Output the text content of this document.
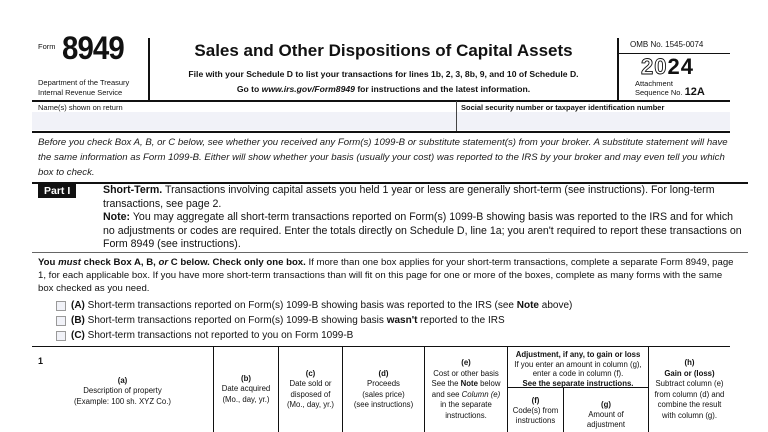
Form 8949
Department of the Treasury
Internal Revenue Service
Sales and Other Dispositions of Capital Assets
File with your Schedule D to list your transactions for lines 1b, 2, 3, 8b, 9, and 10 of Schedule D.
Go to www.irs.gov/Form8949 for instructions and the latest information.
OMB No. 1545-0074
2024
Attachment
Sequence No. 12A
Name(s) shown on return	Social security number or taxpayer identification number
Before you check Box A, B, or C below, see whether you received any Form(s) 1099-B or substitute statement(s) from your broker. A substitute statement will have the same information as Form 1099-B. Either will show whether your basis (usually your cost) was reported to the IRS by your broker and may even tell you which box to check.
Part I	Short-Term. Transactions involving capital assets you held 1 year or less are generally short-term (see instructions). For long-term transactions, see page 2.
Note: You may aggregate all short-term transactions reported on Form(s) 1099-B showing basis was reported to the IRS and for which no adjustments or codes are required. Enter the totals directly on Schedule D, line 1a; you aren't required to report these transactions on Form 8949 (see instructions).
You must check Box A, B, or C below. Check only one box. If more than one box applies for your short-term transactions, complete a separate Form 8949, page 1, for each applicable box. If you have more short-term transactions than will fit on this page for one or more of the boxes, complete as many forms with the same box checked as you need.
(A) Short-term transactions reported on Form(s) 1099-B showing basis was reported to the IRS (see Note above)
(B) Short-term transactions reported on Form(s) 1099-B showing basis wasn't reported to the IRS
(C) Short-term transactions not reported to you on Form 1099-B
1
(a)
Description of property
(Example: 100 sh. XYZ Co.)
(b)
Date acquired
(Mo., day, yr.)
(c)
Date sold or
disposed of
(Mo., day, yr.)
(d)
Proceeds
(sales price)
(see instructions)
(e)
Cost or other basis
See the Note below
and see Column (e)
in the separate
instructions.
Adjustment, if any, to gain or loss
If you enter an amount in column (g),
enter a code in column (f).
See the separate instructions.
(f)
Code(s) from
instructions
(g)
Amount of
adjustment
(h)
Gain or (loss)
Subtract column (e)
from column (d) and
combine the result
with column (g).
